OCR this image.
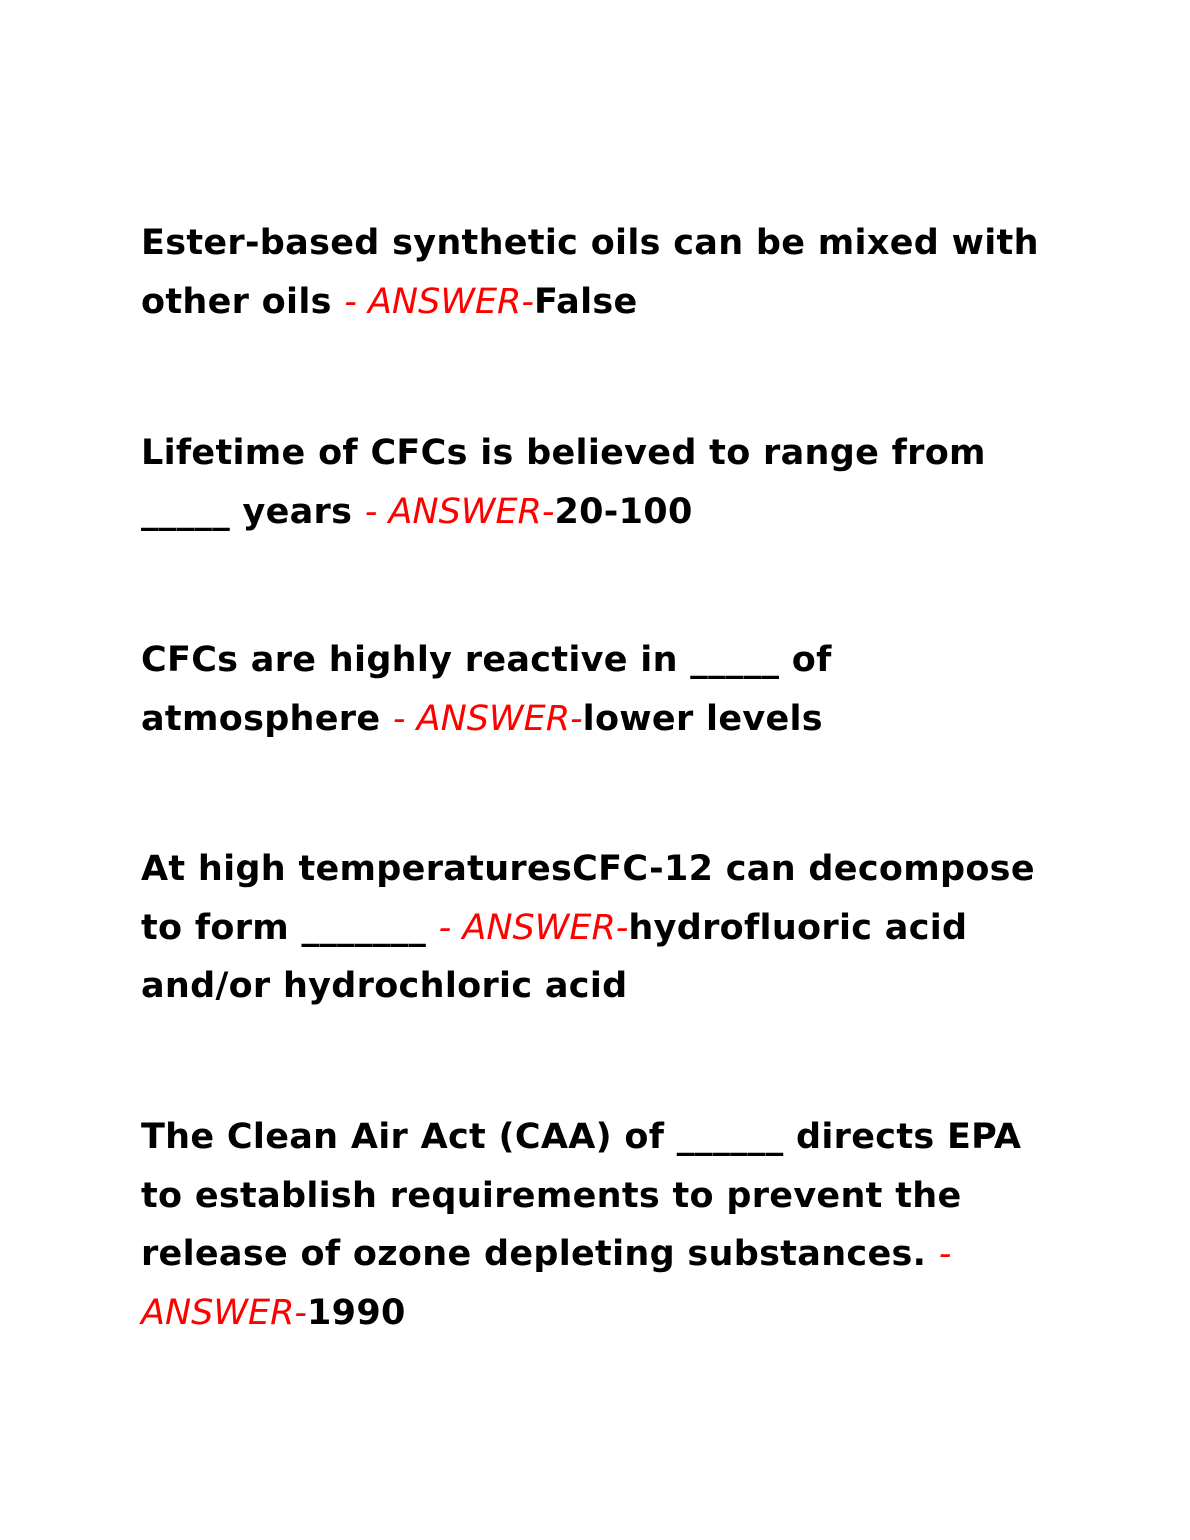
Ester-based synthetic oils can be mixed with other oils - ANSWER-False

Lifetime of CFCs is believed to range from _____ years - ANSWER-20-100

CFCs are highly reactive in _____ of atmosphere - ANSWER-lower levels

At high temperaturesCFC-12 can decompose to form _______ - ANSWER-hydrofluoric acid and/or hydrochloric acid

The Clean Air Act (CAA) of ______ directs EPA to establish requirements to prevent the release of ozone depleting substances. - ANSWER-1990
